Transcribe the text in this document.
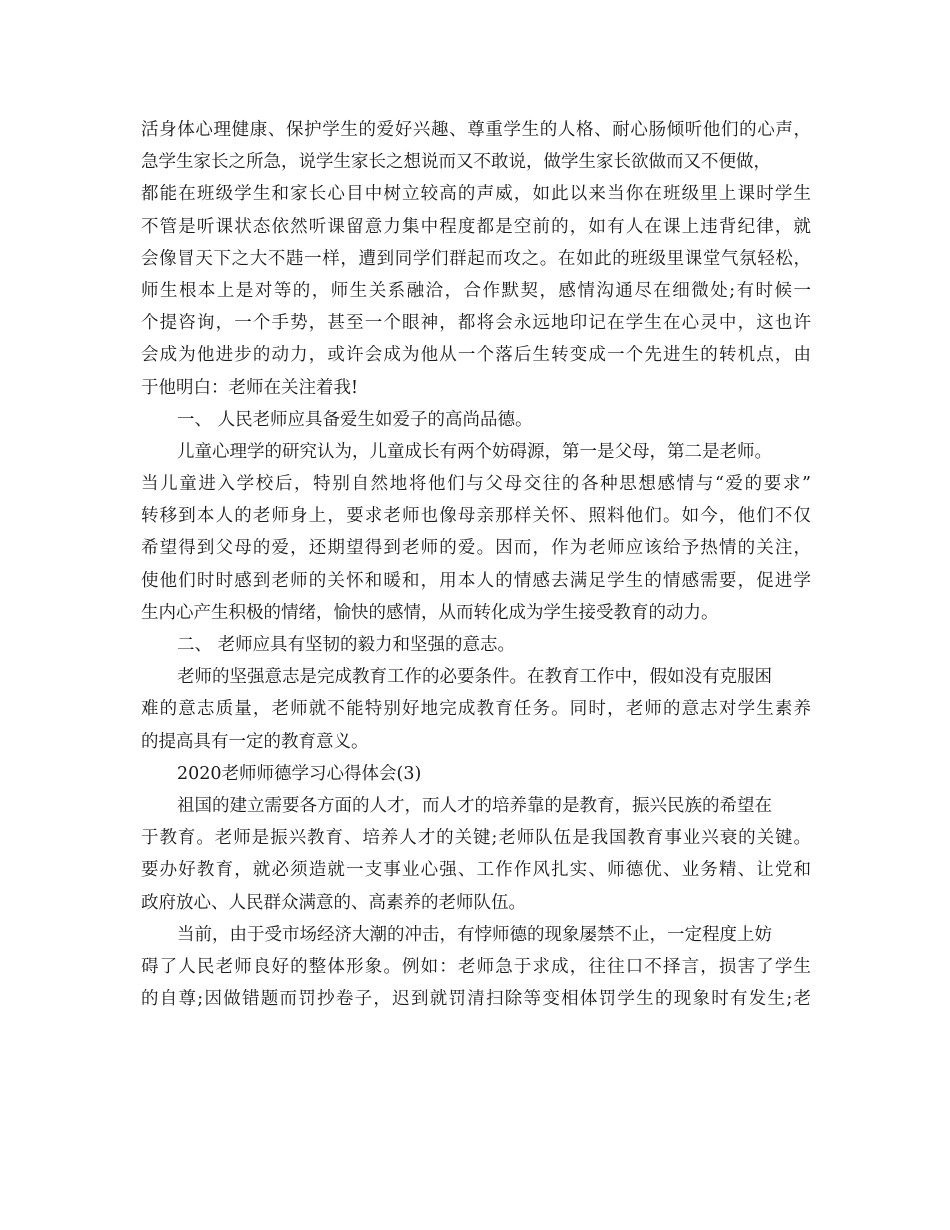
活身体心理健康、保护学生的爱好兴趣、尊重学生的人格、耐心肠倾听他们的心声，
急学生家长之所急，说学生家长之想说而又不敢说，做学生家长欲做而又不便做，
都能在班级学生和家长心目中树立较高的声威，如此以来当你在班级里上课时学生
不管是听课状态依然听课留意力集中程度都是空前的，如有人在课上违背纪律，就
会像冒天下之大不韪一样，遭到同学们群起而攻之。在如此的班级里课堂气氛轻松，
师生根本上是对等的，师生关系融洽，合作默契，感情沟通尽在细微处;有时候一
个提咨询，一个手势，甚至一个眼神，都将会永远地印记在学生在心灵中，这也许
会成为他进步的动力，或许会成为他从一个落后生转变成一个先进生的转机点，由
于他明白：老师在关注着我!
一、 人民老师应具备爱生如爱子的高尚品德。
儿童心理学的研究认为，儿童成长有两个妨碍源，第一是父母，第二是老师。
当儿童进入学校后，特别自然地将他们与父母交往的各种思想感情与“爱的要求”
转移到本人的老师身上，要求老师也像母亲那样关怀、照料他们。如今，他们不仅
希望得到父母的爱，还期望得到老师的爱。因而，作为老师应该给予热情的关注，
使他们时时感到老师的关怀和暖和，用本人的情感去满足学生的情感需要，促进学
生内心产生积极的情绪，愉快的感情，从而转化成为学生接受教育的动力。
二、 老师应具有坚韧的毅力和坚强的意志。
老师的坚强意志是完成教育工作的必要条件。在教育工作中，假如没有克服困
难的意志质量，老师就不能特别好地完成教育任务。同时，老师的意志对学生素养
的提高具有一定的教育意义。
2020老师师德学习心得体会(3)
祖国的建立需要各方面的人才，而人才的培养靠的是教育，振兴民族的希望在
于教育。老师是振兴教育、培养人才的关键;老师队伍是我国教育事业兴衰的关键。
要办好教育，就必须造就一支事业心强、工作作风扎实、师德优、业务精、让党和
政府放心、人民群众满意的、高素养的老师队伍。
当前，由于受市场经济大潮的冲击，有悖师德的现象屡禁不止，一定程度上妨
碍了人民老师良好的整体形象。例如：老师急于求成，往往口不择言，损害了学生
的自尊;因做错题而罚抄卷子，迟到就罚清扫除等变相体罚学生的现象时有发生;老
